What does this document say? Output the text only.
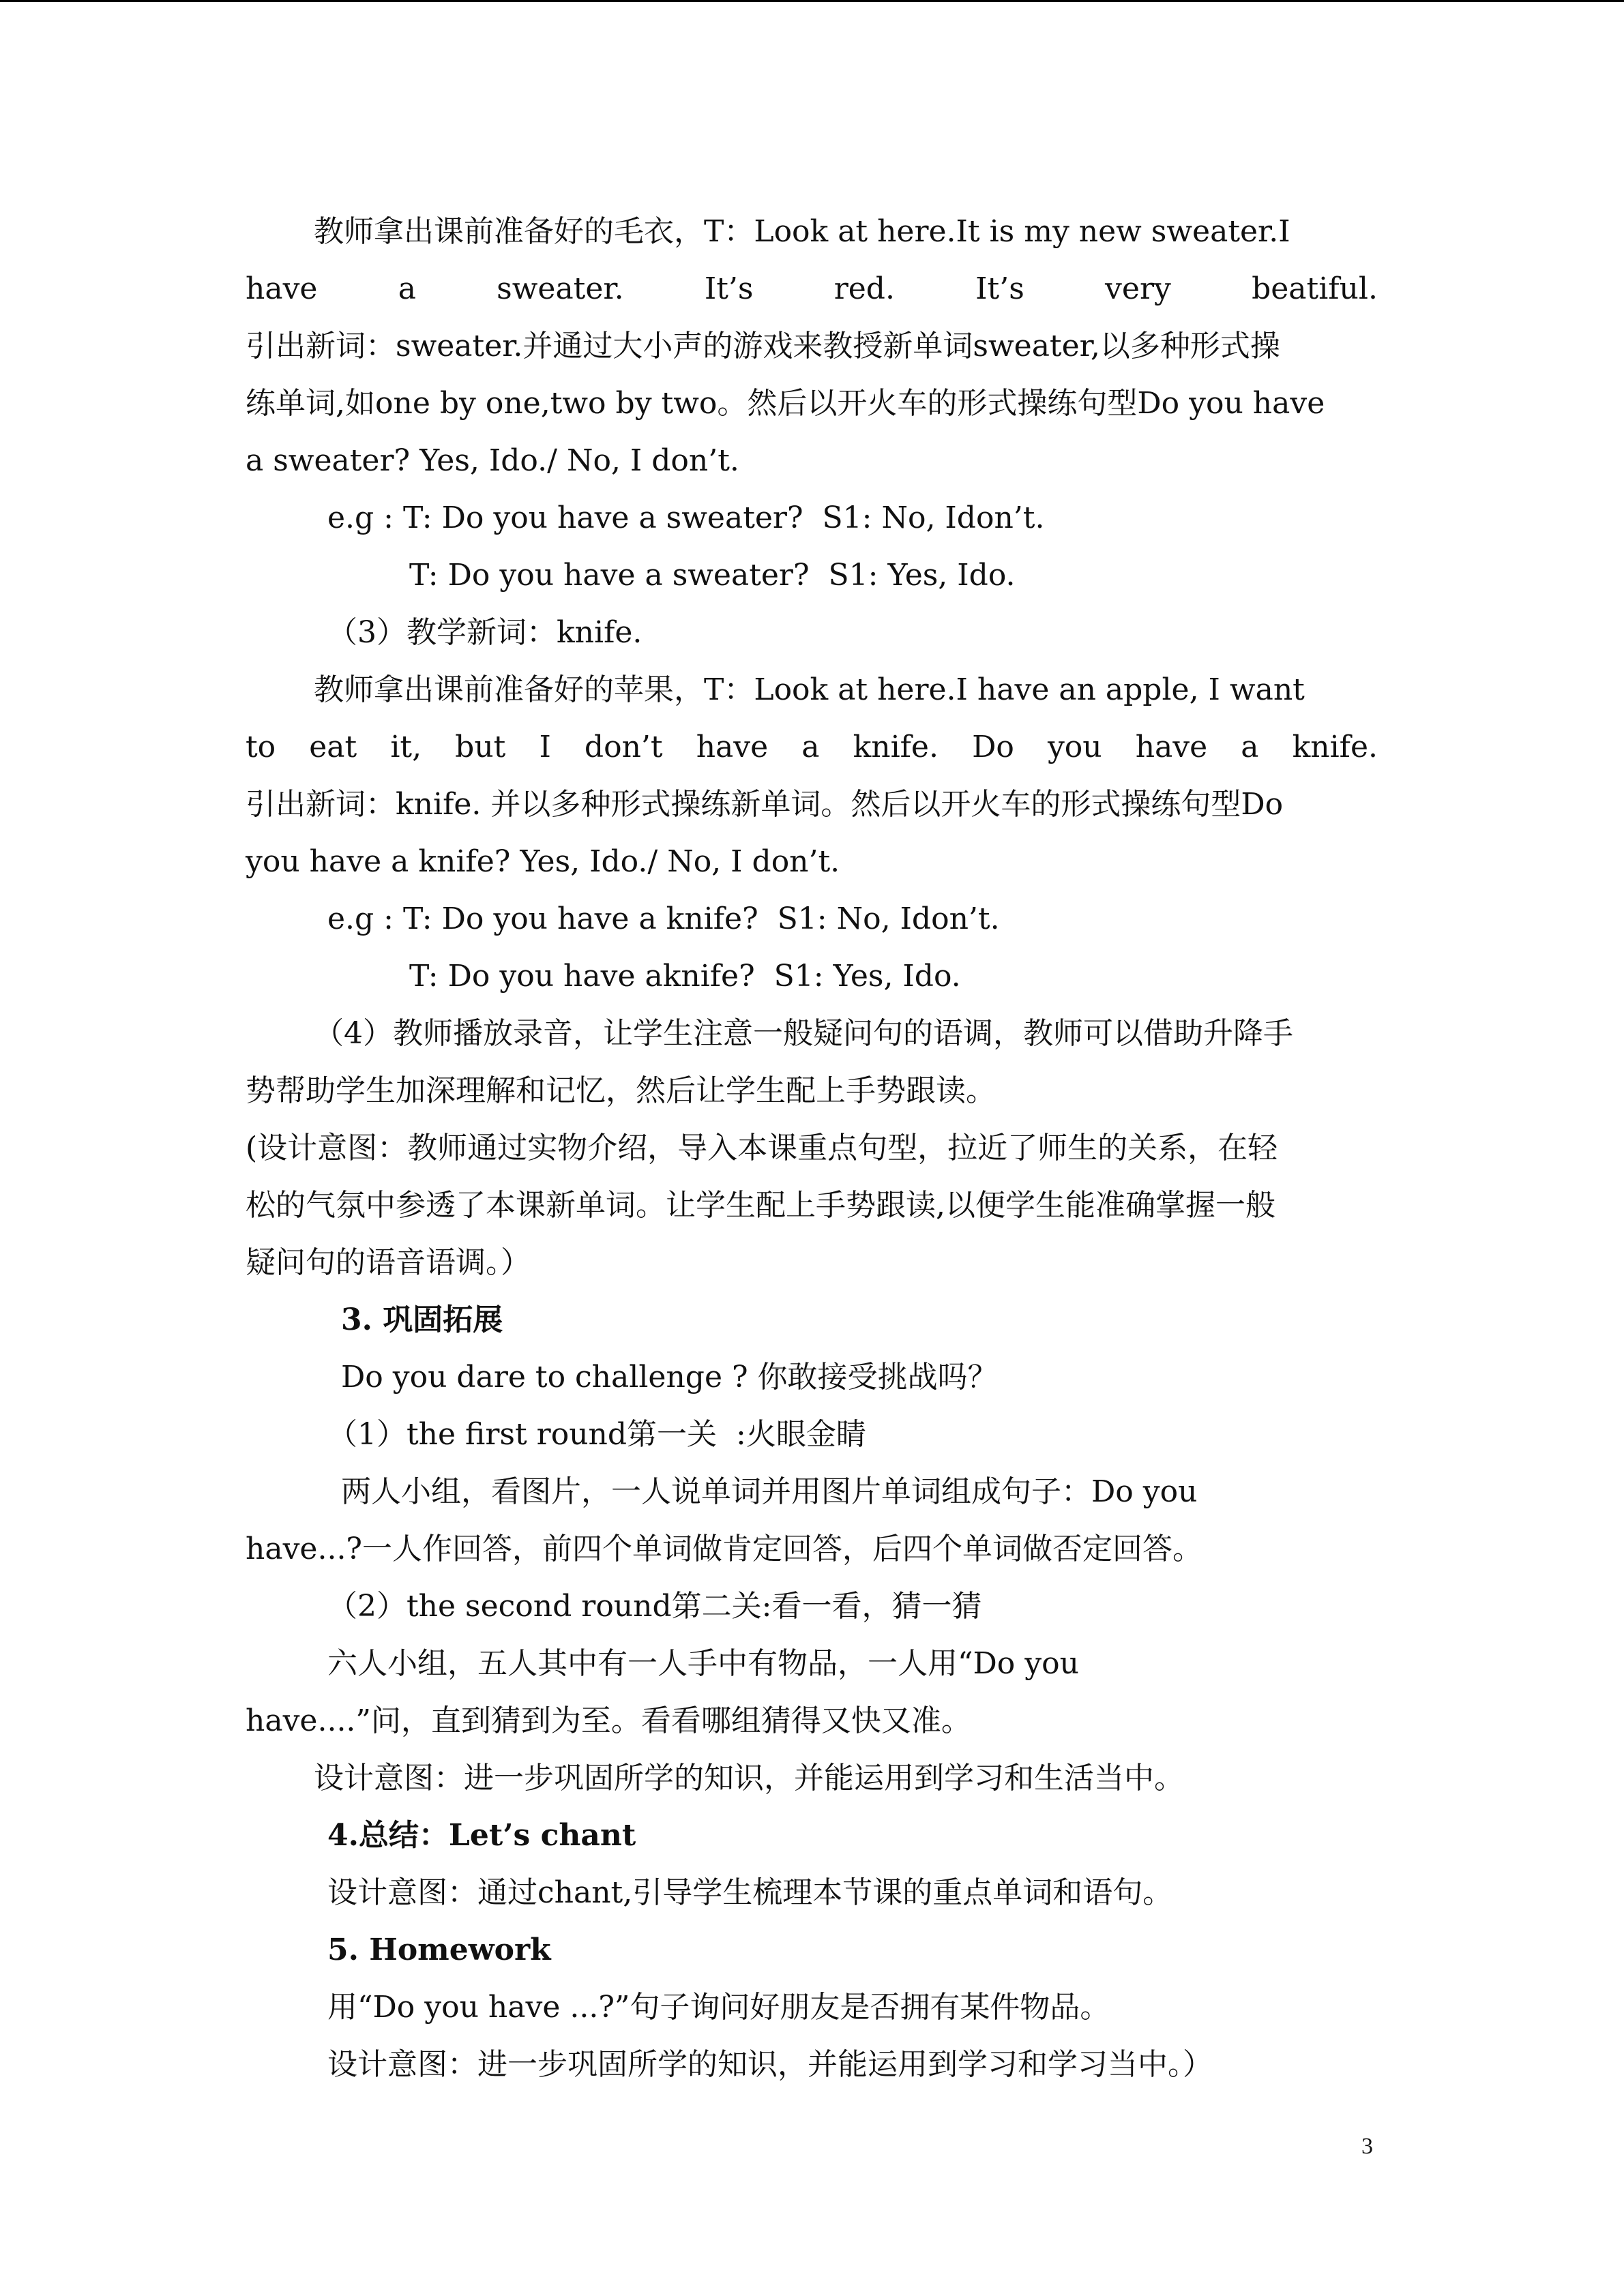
教师拿出课前准备好的毛衣，T：Look at here.It is my new sweater.I
have	a	sweater.	It’s	red.	It’s	very	beatiful.
引出新词：sweater.并通过大小声的游戏来教授新单词sweater,以多种形式操
练单词,如one by one,two by two。然后以开火车的形式操练句型Do you have
a sweater? Yes, Ido./ No, I don’t.
e.g : T: Do you have a sweater?  S1: No, Idon’t.
T: Do you have a sweater?  S1: Yes, Ido.
（3）教学新词：knife.
教师拿出课前准备好的苹果，T：Look at here.I have an apple, I want
to eat it, but I don’t have a knife. Do you have a knife.
引出新词：knife. 并以多种形式操练新单词。然后以开火车的形式操练句型Do
you have a knife? Yes, Ido./ No, I don’t.
e.g : T: Do you have a knife?  S1: No, Idon’t.
T: Do you have aknife?  S1: Yes, Ido.
（4）教师播放录音，让学生注意一般疑问句的语调，教师可以借助升降手
势帮助学生加深理解和记忆，然后让学生配上手势跟读。
(设计意图：教师通过实物介绍，导入本课重点句型，拉近了师生的关系，在轻
松的气氛中参透了本课新单词。让学生配上手势跟读,以便学生能准确掌握一般
疑问句的语音语调。）
3. 巩固拓展
Do you dare to challenge ? 你敢接受挑战吗？
（1）the first round第一关  :火眼金睛
两人小组，看图片，一人说单词并用图片单词组成句子：Do you
have...?一人作回答，前四个单词做肯定回答，后四个单词做否定回答。
（2）the second round第二关:看一看，猜一猜
六人小组，五人其中有一人手中有物品，一人用“Do you
have....”问，直到猜到为至。看看哪组猜得又快又准。
设计意图：进一步巩固所学的知识，并能运用到学习和生活当中。
4.总结：Let’s chant
设计意图：通过chant,引导学生梳理本节课的重点单词和语句。
5. Homework
用“Do you have ...?”句子询问好朋友是否拥有某件物品。
设计意图：进一步巩固所学的知识，并能运用到学习和学习当中。）
3
